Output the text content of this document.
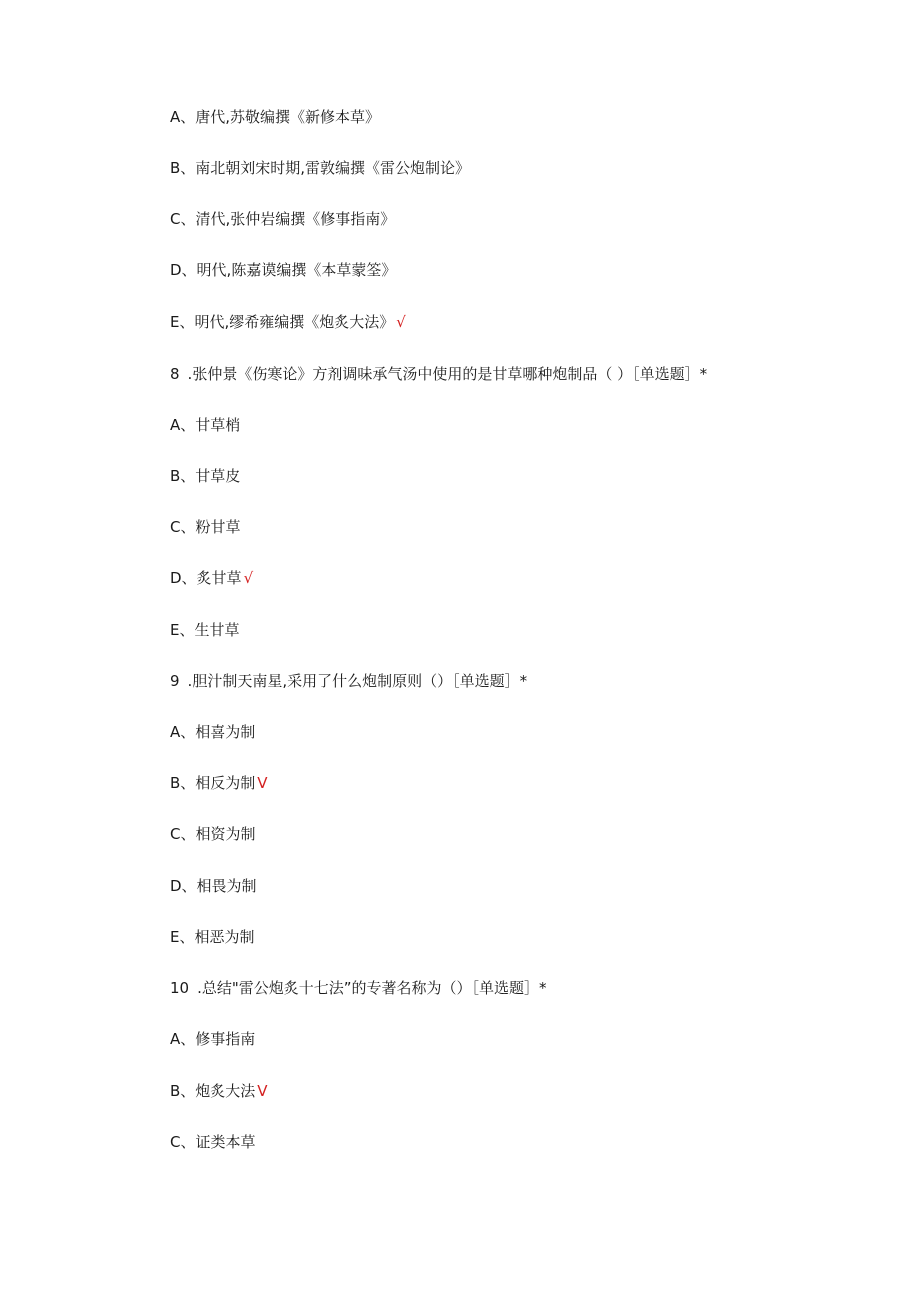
A、唐代,苏敬编撰《新修本草》
B、南北朝刘宋时期,雷敦编撰《雷公炮制论》
C、清代,张仲岩编撰《修事指南》
D、明代,陈嘉谟编撰《本草蒙筌》
E、明代,缪希雍编撰《炮炙大法》 √
8 .张仲景《伤寒论》方剂调味承气汤中使用的是甘草哪种炮制品（ ）［单选题］*
A、甘草梢
B、甘草皮
C、粉甘草
D、炙甘草 √
E、生甘草
9 .胆汁制天南星,采用了什么炮制原则（）［单选题］*
A、相喜为制
B、相反为制 V
C、相资为制
D、相畏为制
E、相恶为制
10 .总结"雷公炮炙十七法”的专著名称为（）［单选题］*
A、修事指南
B、炮炙大法 V
C、证类本草
